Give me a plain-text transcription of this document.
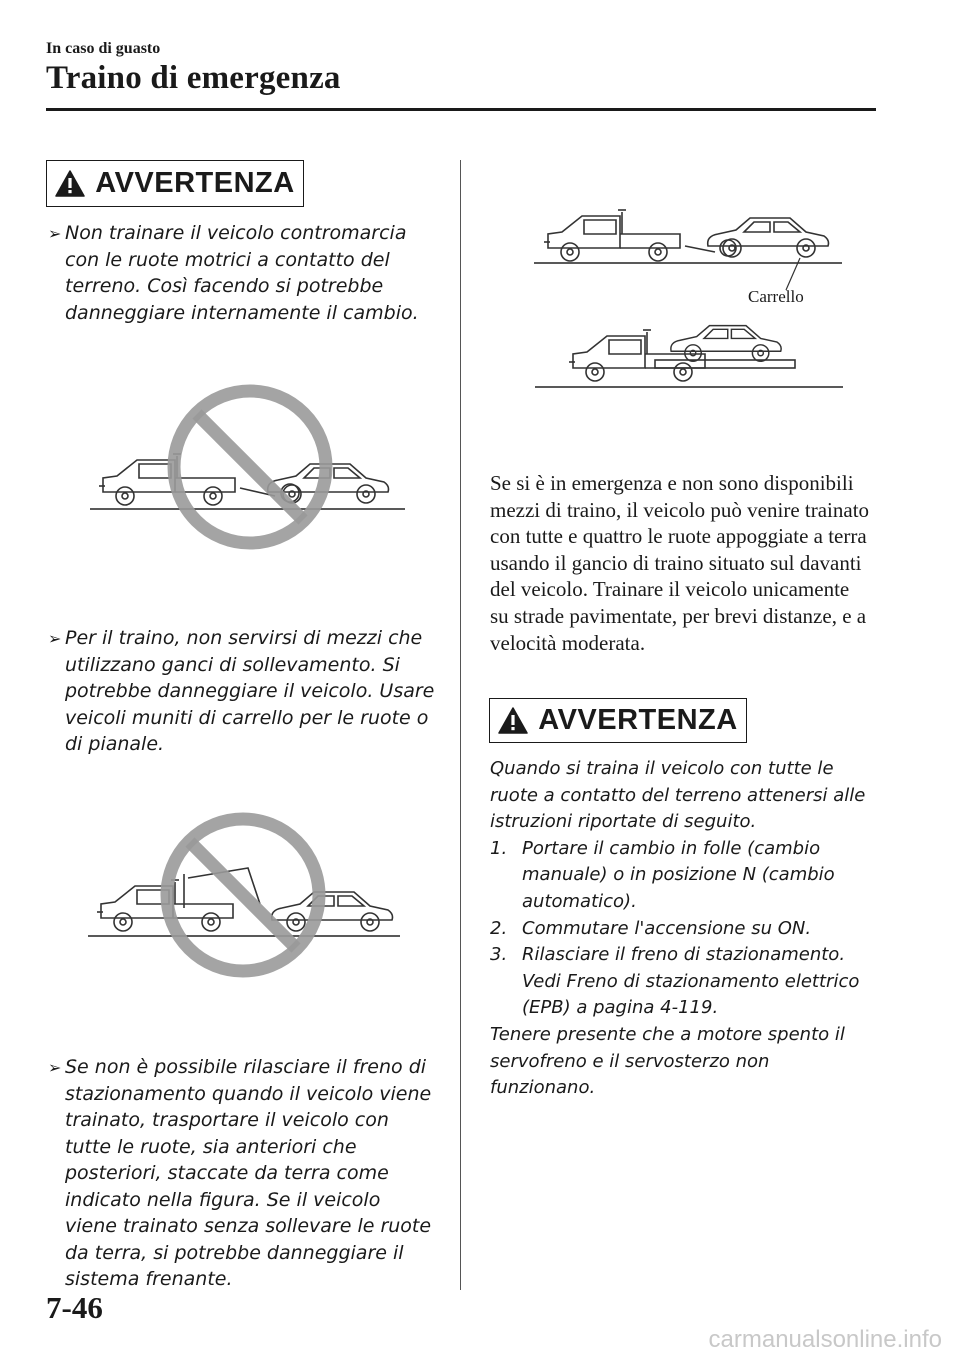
In caso di guasto
Traino di emergenza
AVVERTENZA
➢ Non trainare il veicolo contromarcia con le ruote motrici a contatto del terreno. Così facendo si potrebbe danneggiare internamente il cambio.
➢ Per il traino, non servirsi di mezzi che utilizzano ganci di sollevamento. Si potrebbe danneggiare il veicolo. Usare veicoli muniti di carrello per le ruote o di pianale.
➢ Se non è possibile rilasciare il freno di stazionamento quando il veicolo viene trainato, trasportare il veicolo con tutte le ruote, sia anteriori che posteriori, staccate da terra come indicato nella figura. Se il veicolo viene trainato senza sollevare le ruote da terra, si potrebbe danneggiare il sistema frenante.
Carrello
Se si è in emergenza e non sono disponibili mezzi di traino, il veicolo può venire trainato con tutte e quattro le ruote appoggiate a terra usando il gancio di traino situato sul davanti del veicolo. Trainare il veicolo unicamente su strade pavimentate, per brevi distanze, e a velocità moderata.
AVVERTENZA
Quando si traina il veicolo con tutte le ruote a contatto del terreno attenersi alle istruzioni riportate di seguito.
1. Portare il cambio in folle (cambio manuale) o in posizione N (cambio automatico).
2. Commutare l'accensione su ON.
3. Rilasciare il freno di stazionamento. Vedi Freno di stazionamento elettrico (EPB) a pagina 4-119.
Tenere presente che a motore spento il servofreno e il servosterzo non funzionano.
7-46
carmanualsonline.info
